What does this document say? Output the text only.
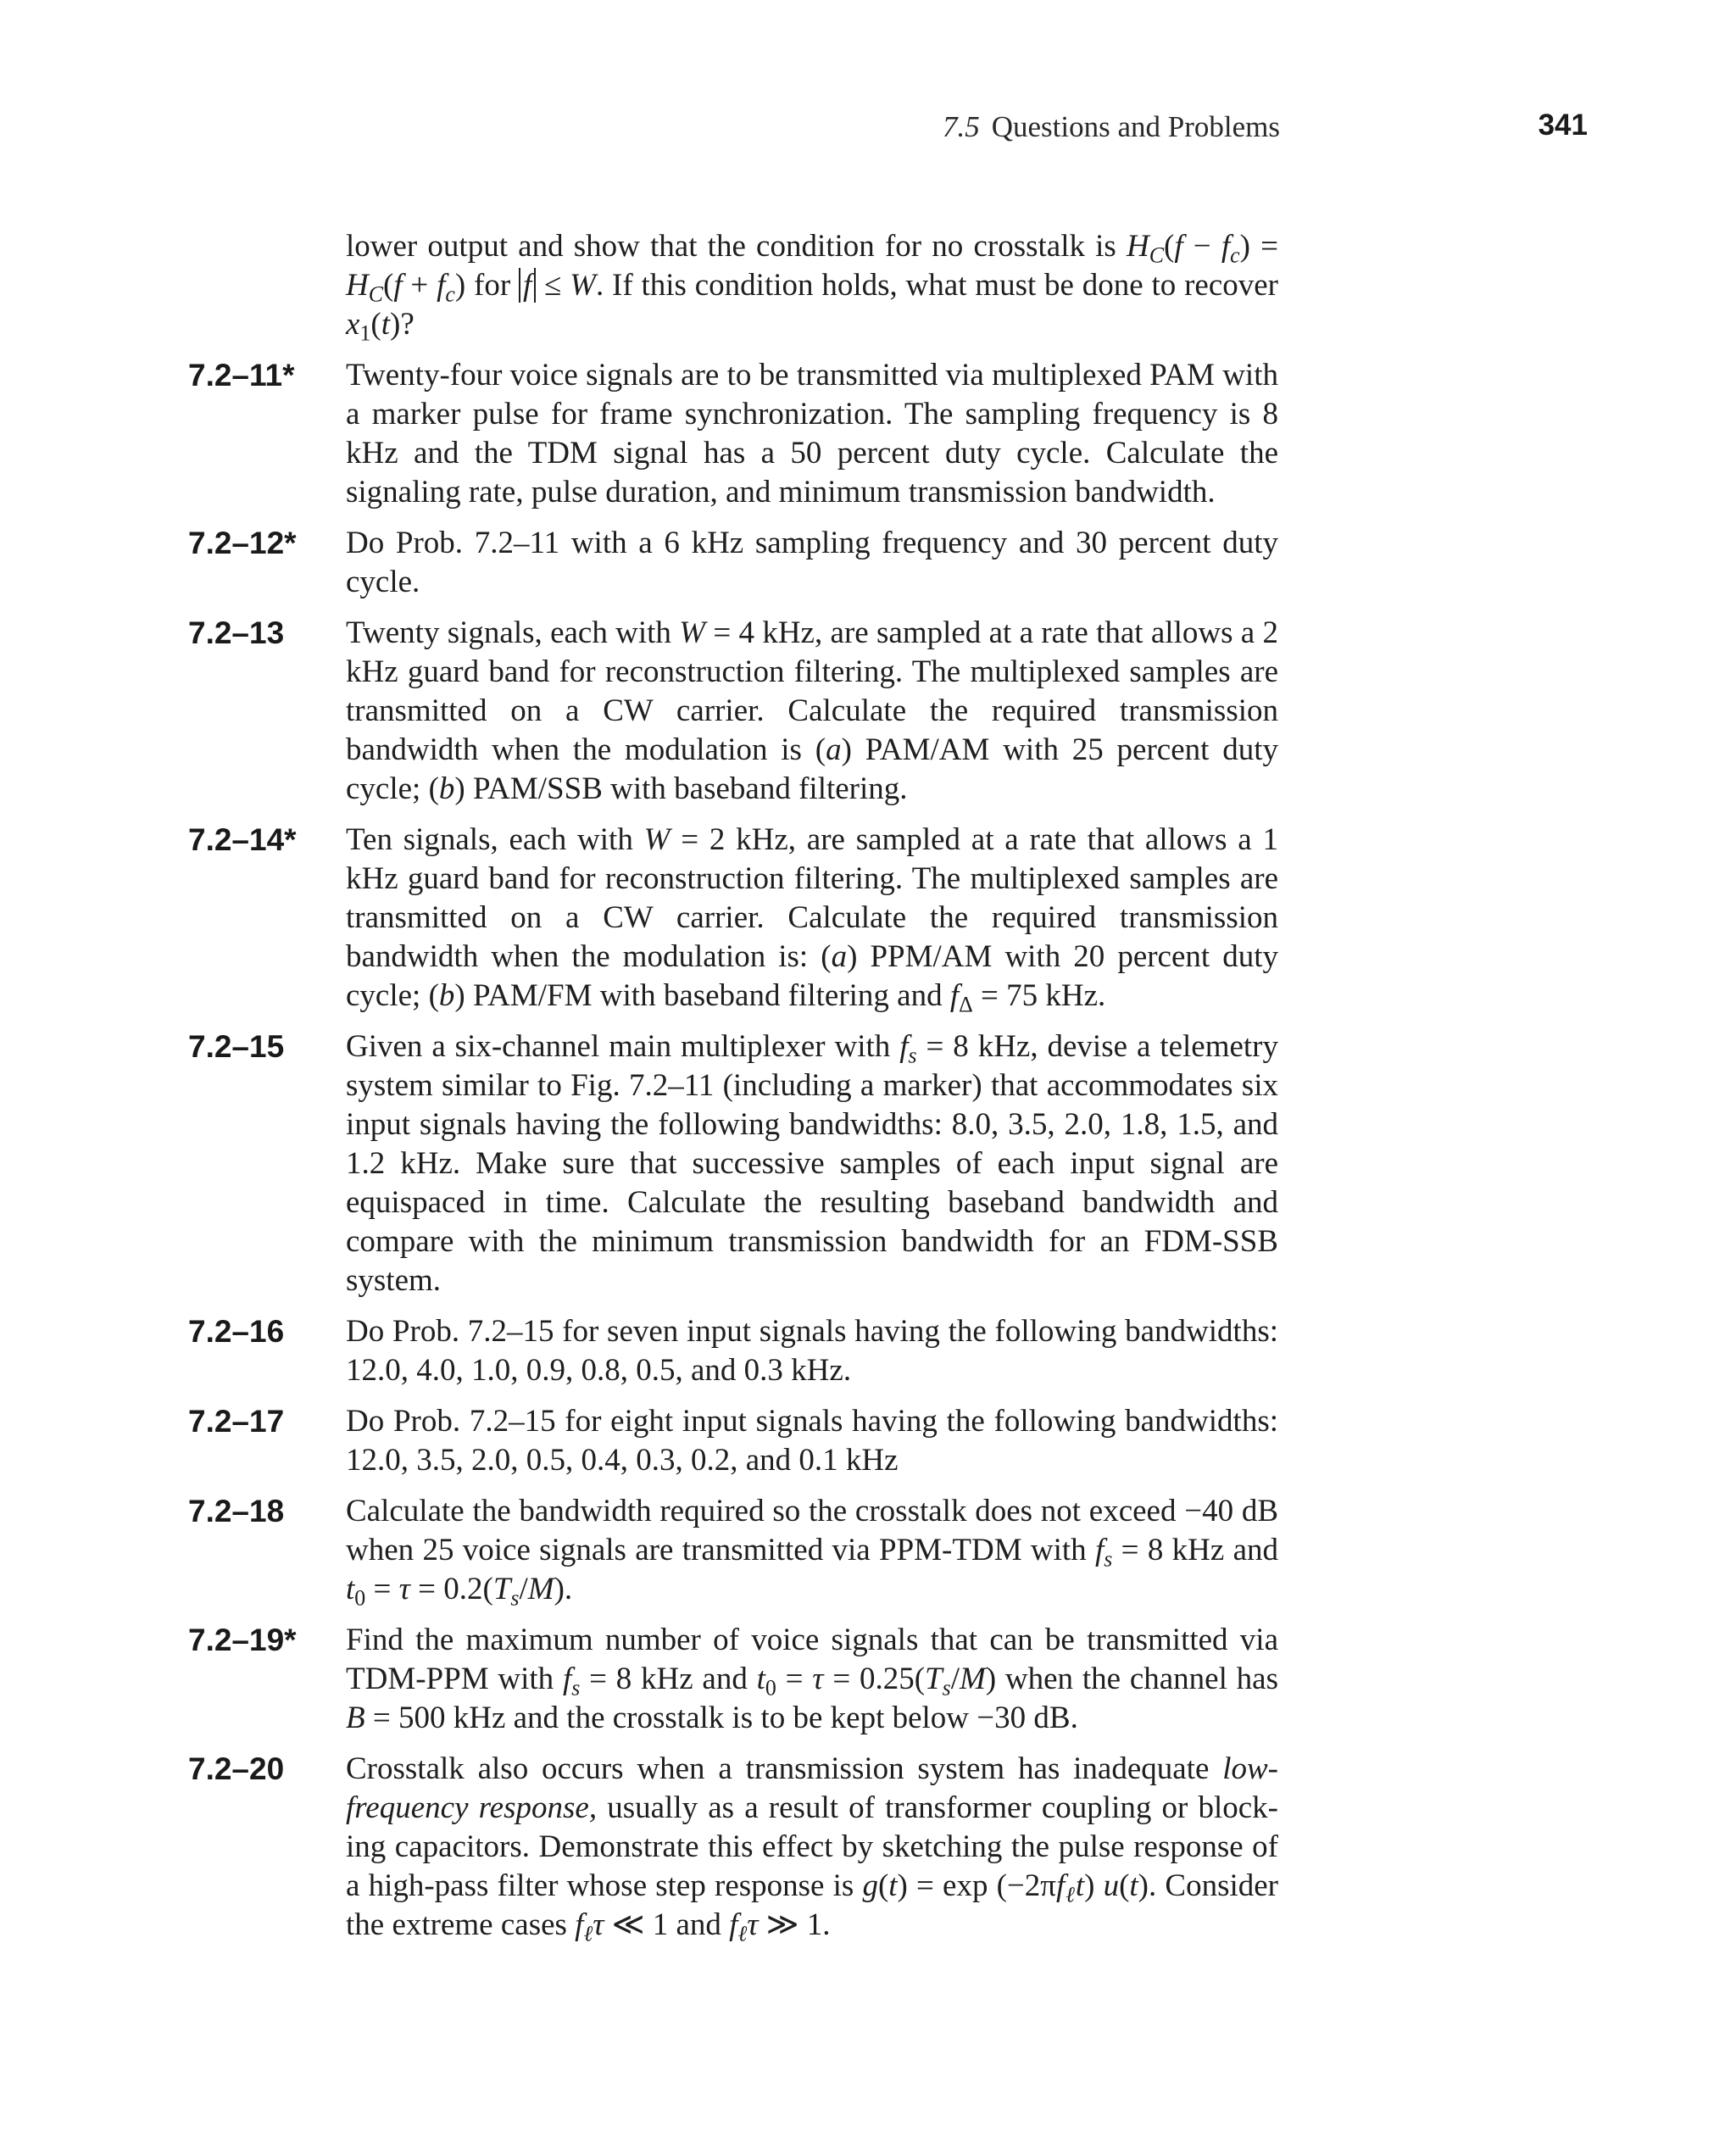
7.5 Questions and Problems	341
lower output and show that the condition for no crosstalk is HC(f − fc) = HC(f + fc) for f ≤ W. If this condition holds, what must be done to recover $x_1(t)$?
7.2–11* Twenty-four voice signals are to be transmitted via multiplexed PAM with a marker pulse for frame synchronization. The sampling frequency is 8 kHz and the TDM signal has a 50 percent duty cycle. Calculate the signaling rate, pulse duration, and minimum transmission bandwidth.
7.2–12* Do Prob. 7.2–11 with a 6 kHz sampling frequency and 30 percent duty cycle.
7.2–13 Twenty signals, each with W = 4 kHz, are sampled at a rate that allows a 2 kHz guard band for reconstruction filtering. The multiplexed samples are transmitted on a CW carrier. Calculate the required transmission bandwidth when the modulation is (a) PAM/AM with 25 percent duty cycle; (b) PAM/SSB with baseband filtering.
7.2–14* Ten signals, each with W = 2 kHz, are sampled at a rate that allows a 1 kHz guard band for reconstruction filtering. The multiplexed samples are transmitted on a CW carrier. Calculate the required transmission bandwidth when the modulation is: (a) PPM/AM with 20 percent duty cycle; (b) PAM/FM with baseband filtering and $f_\Delta = 75$ kHz.
7.2–15 Given a six-channel main multiplexer with fs = 8 kHz, devise a telemetry system similar to Fig. 7.2–11 (including a marker) that accommodates six input signals having the following bandwidths: 8.0, 3.5, 2.0, 1.8, 1.5, and 1.2 kHz. Make sure that successive samples of each input signal are equispaced in time. Calculate the resulting baseband bandwidth and compare with the minimum transmission bandwidth for an FDM-SSB system.
7.2–16 Do Prob. 7.2–15 for seven input signals having the following bandwidths: 12.0, 4.0, 1.0, 0.9, 0.8, 0.5, and 0.3 kHz.
7.2–17 Do Prob. 7.2–15 for eight input signals having the following bandwidths: 12.0, 3.5, 2.0, 0.5, 0.4, 0.3, 0.2, and 0.1 kHz
7.2–18 Calculate the bandwidth required so the crosstalk does not exceed −40 dB when 25 voice signals are transmitted via PPM-TDM with fs = 8 kHz and $t_0 = \tau = 0.2(Ts/M)$.
7.2–19* Find the maximum number of voice signals that can be transmitted via TDM-PPM with fs = 8 kHz and $t_0 = \tau = 0.25(Ts/M)$ when the channel has B = 500 kHz and the crosstalk is to be kept below −30 dB.
7.2–20 Crosstalk also occurs when a transmission system has inadequate low-frequency response, usually as a result of transformer coupling or blocking capacitors. Demonstrate this effect by sketching the pulse response of a high-pass filter whose step response is g(t) = exp (−2πfℓt) u(t). Consider the extreme cases fℓτ ≪ 1 and fℓτ ≫ 1.
